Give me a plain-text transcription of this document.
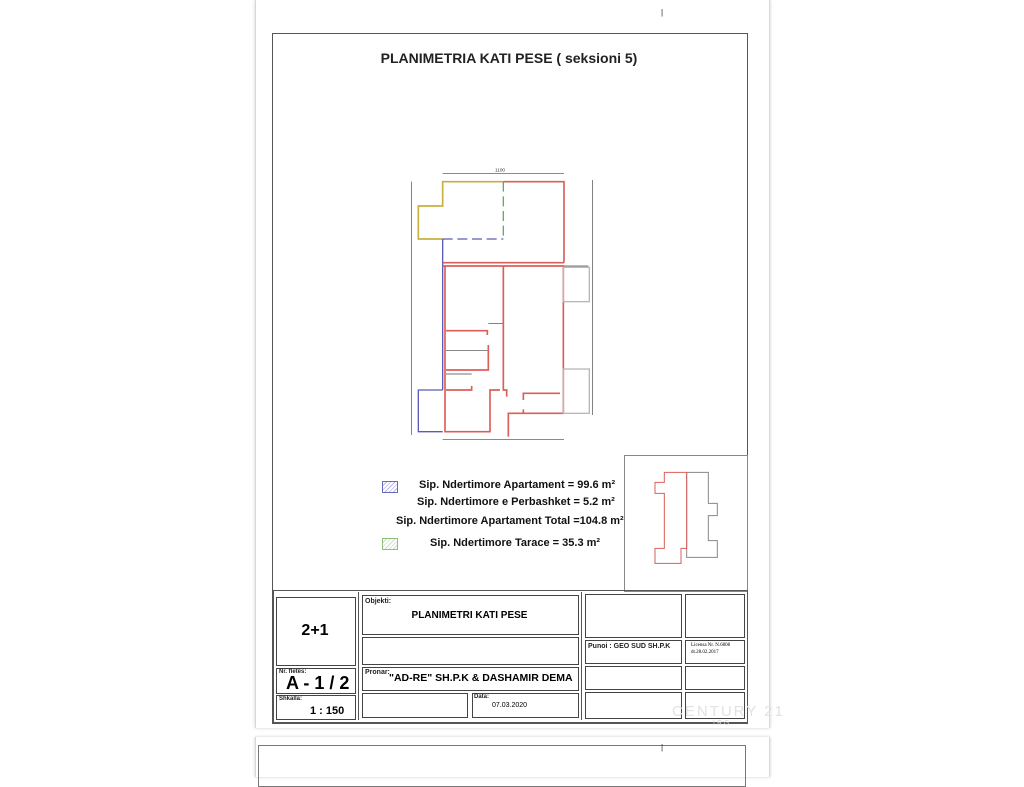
|
PLANIMETRIA KATI PESE ( seksioni 5)
1100
Sip. Ndertimore Apartament = 99.6 m²
Sip. Ndertimore e Perbashket = 5.2 m²
Sip. Ndertimore Apartament Total =104.8 m²
Sip. Ndertimore Tarace = 35.3 m²
2+1
Nr. fletës:
A - 1 / 2
Shkalla:
1 : 150
Objekti:
PLANIMETRI KATI PESE
Pronar: "AD-RE" SH.P.K & DASHAMIR DEMA
Data:
07.03.2020
Punoi : GEO SUD SH.P.K	Licensa Nr. N.6808
dt.28.02.2017
CENTURY 21
IRG
|
